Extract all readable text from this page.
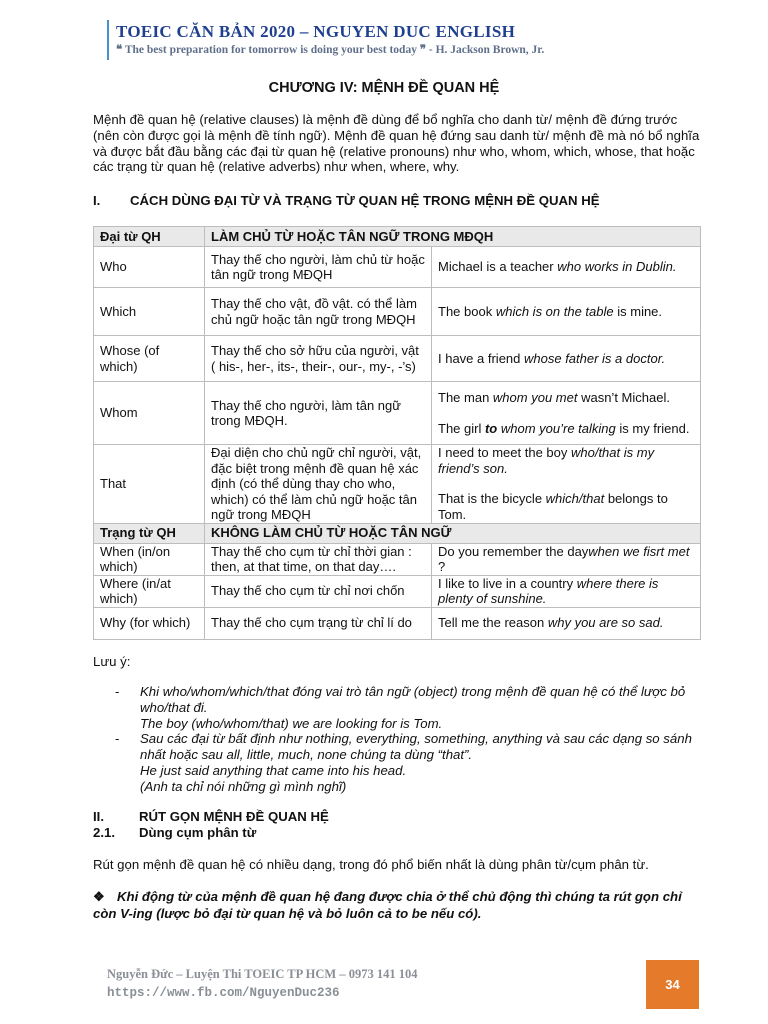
TOEIC CĂN BẢN 2020 – NGUYEN DUC ENGLISH
❝ The best preparation for tomorrow is doing your best today ❞ - H. Jackson Brown, Jr.
CHƯƠNG IV: MỆNH ĐỀ QUAN HỆ
Mệnh đề quan hệ (relative clauses) là mệnh đề dùng để bổ nghĩa cho danh từ/ mệnh đề đứng trước (nên còn được gọi là mệnh đề tính ngữ). Mệnh đề quan hệ đứng sau danh từ/ mệnh đề mà nó bổ nghĩa và được bắt đầu bằng các đại từ quan hệ (relative pronouns) như who, whom, which, whose, that hoặc các trạng từ quan hệ (relative adverbs) như when, where, why.
I. CÁCH DÙNG ĐẠI TỪ VÀ TRẠNG TỪ QUAN HỆ TRONG MỆNH ĐỀ QUAN HỆ
Đại từ QH	LÀM CHỦ TỪ HOẶC TÂN NGỮ TRONG MĐQH	
Who	Thay thế cho người, làm chủ từ hoặc tân ngữ trong MĐQH	Michael is a teacher who works in Dublin.
Which	Thay thế cho vật, đồ vật. có thể làm chủ ngữ hoặc tân ngữ trong MĐQH	The book which is on the table is mine.
Whose (of which)	Thay thế cho sở hữu của người, vật ( his-, her-, its-, their-, our-, my-, -’s)	I have a friend whose father is a doctor.
Whom	Thay thế cho người, làm tân ngữ trong MĐQH.	The man whom you met wasn’t Michael.
The girl to whom you’re talking is my friend.

That	Đại diện cho chủ ngữ chỉ người, vật, đặc biệt trong mệnh đề quan hệ xác định (có thể dùng thay cho who, which) có thể làm chủ ngữ hoặc tân ngữ trong MĐQH	I need to meet the boy who/that is my friend’s son.
That is the bicycle which/that belongs to Tom.

Trạng từ QH	KHÔNG LÀM CHỦ TỪ HOẶC TÂN NGỮ	
When (in/on which)	Thay thế cho cụm từ chỉ thời gian : then, at that time, on that day….	Do you remember the daywhen we fisrt met ?
Where (in/at which)	Thay thế cho cụm từ chỉ nơi chốn	I like to live in a country where there is plenty of sunshine.
Why (for which)	Thay thế cho cụm trạng từ chỉ lí do	Tell me the reason why you are so sad.
Lưu ý:
- Khi who/whom/which/that đóng vai trò tân ngữ (object) trong mệnh đề quan hệ có thể lược bỏ who/that đi.
The boy (who/whom/that) we are looking for is Tom.
- Sau các đại từ bất định như nothing, everything, something, anything và sau các dạng so sánh nhất hoặc sau all, little, much, none chúng ta dùng “that”.
He just said anything that came into his head.
(Anh ta chỉ nói những gì mình nghĩ)
II.	RÚT GỌN MỆNH ĐỀ QUAN HỆ
2.1. Dùng cụm phân từ
Rút gọn mệnh đề quan hệ có nhiều dạng, trong đó phổ biến nhất là dùng phân từ/cụm phân từ.
❖ Khi động từ của mệnh đề quan hệ đang được chia ở thể chủ động thì chúng ta rút gọn chỉ còn V-ing (lược bỏ đại từ quan hệ và bỏ luôn cả to be nếu có).
Nguyễn Đức – Luyện Thi TOEIC TP HCM – 0973 141 104
https://www.fb.com/NguyenDuc236
34
